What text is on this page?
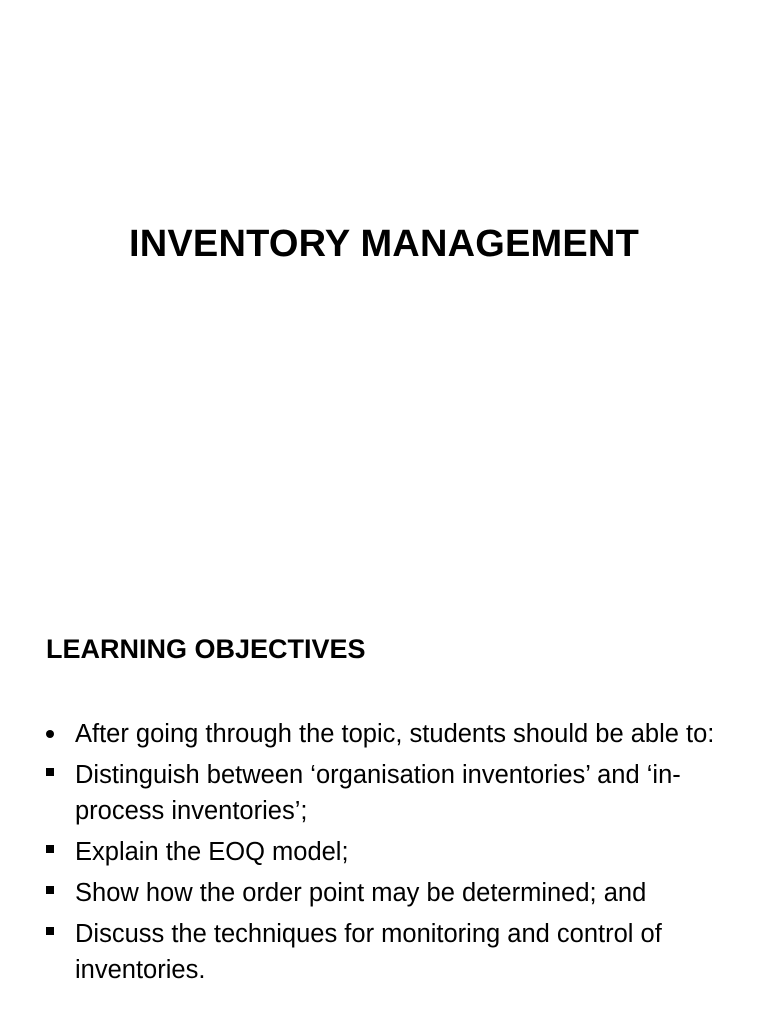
INVENTORY MANAGEMENT
LEARNING OBJECTIVES
After going through the topic, students should be able to:
Distinguish between ‘organisation inventories’ and ‘in-process inventories’;
Explain the EOQ model;
Show how the order point may be determined; and
Discuss the techniques for monitoring and control of inventories.
